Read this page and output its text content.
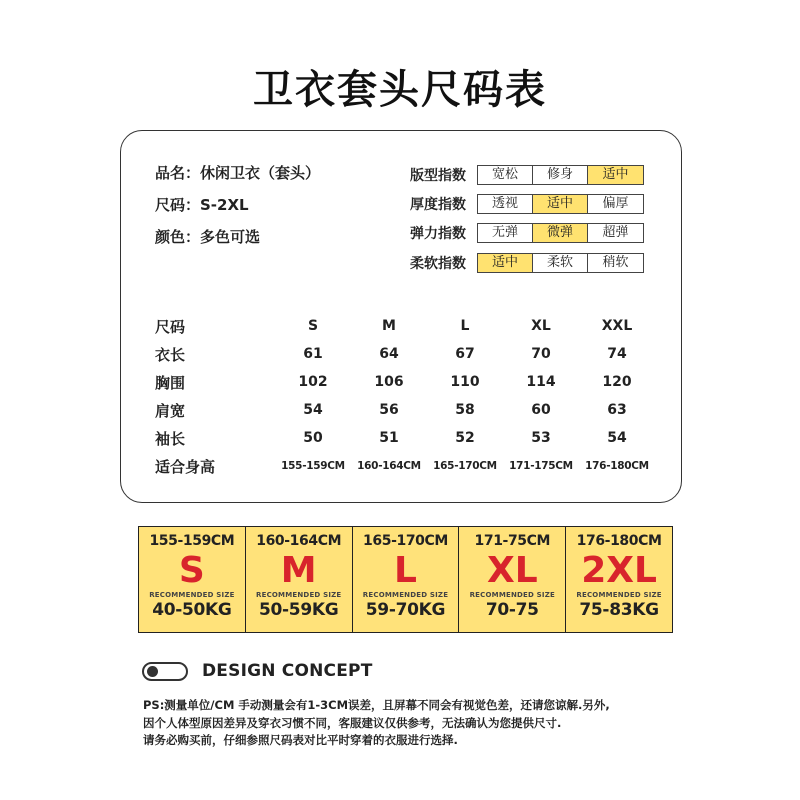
卫衣套头尺码表
品名：休闲卫衣（套头）
尺码：S-2XL
颜色：多色可选
版型指数	宽松	修身	适中
厚度指数	透视	适中	偏厚
弹力指数	无弹	微弹	超弹
柔软指数	适中	柔软	稍软
尺码	S	M	L	XL	XXL
衣长	61	64	67	70	74
胸围	102	106	110	114	120
肩宽	54	56	58	60	63
袖长	50	51	52	53	54
适合身高	155-159CM	160-164CM	165-170CM	171-175CM	176-180CM
155-159CM
S
RECOMMENDED SIZE
40-50KG
160-164CM
M
RECOMMENDED SIZE
50-59KG
165-170CM
L
RECOMMENDED SIZE
59-70KG
171-75CM
XL
RECOMMENDED SIZE
70-75
176-180CM
2XL
RECOMMENDED SIZE
75-83KG
DESIGN CONCEPT
PS:测量单位/CM 手动测量会有1-3CM误差，且屏幕不同会有视觉色差，还请您谅解.另外,
因个人体型原因差异及穿衣习惯不同，客服建议仅供参考，无法确认为您提供尺寸.
请务必购买前，仔细参照尺码表对比平时穿着的衣服进行选择.
